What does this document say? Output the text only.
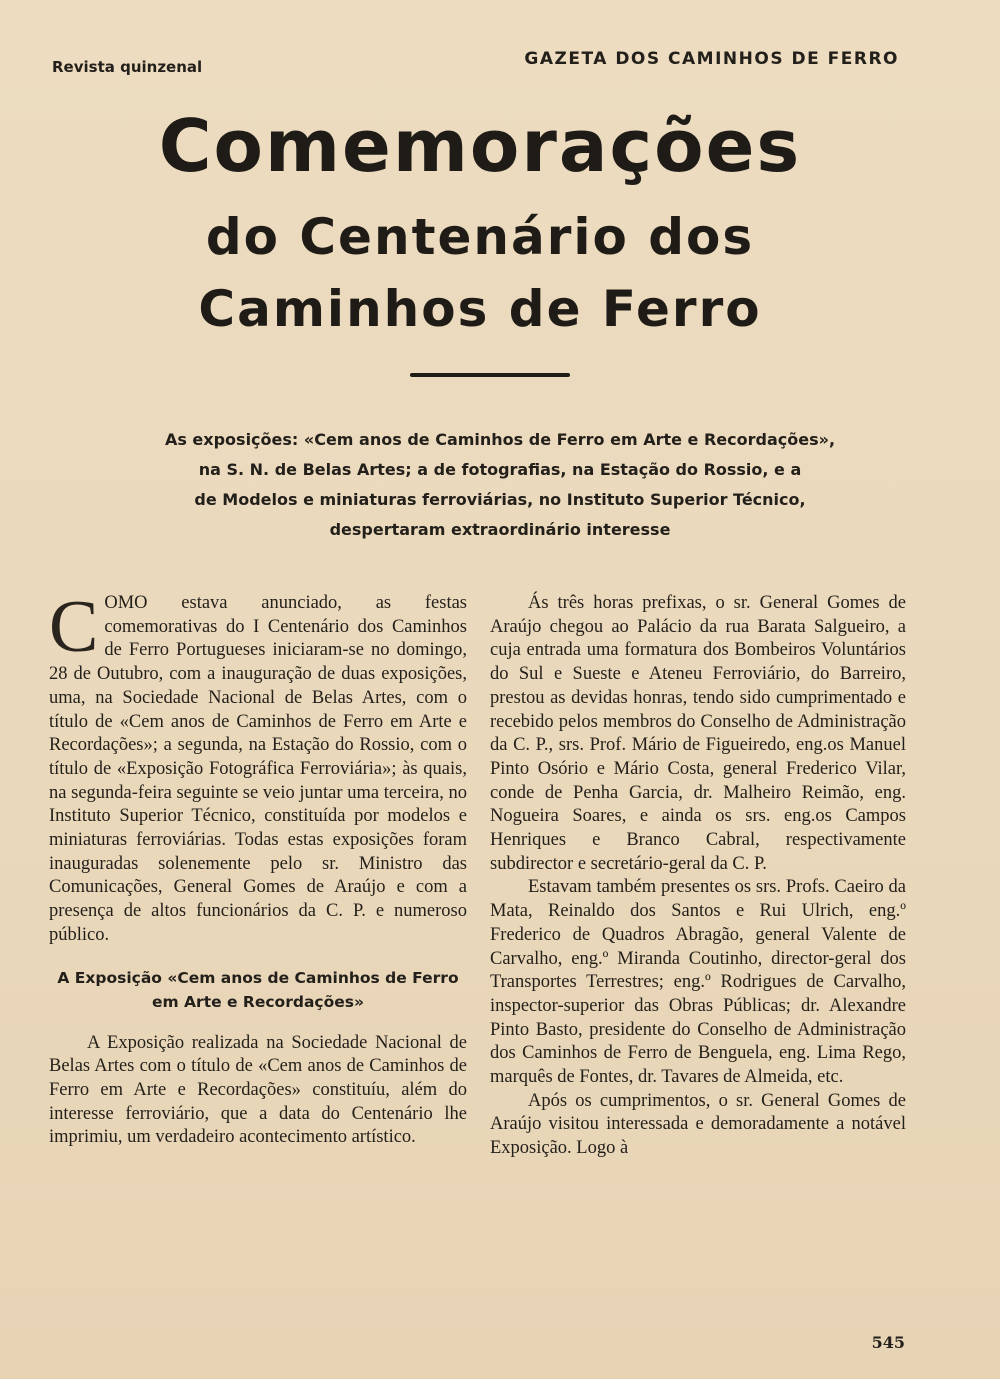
Revista quinzenal	GAZETA DOS CAMINHOS DE FERRO
Comemorações
do Centenário dos
Caminhos de Ferro
As exposições: «Cem anos de Caminhos de Ferro em Arte e Recordações»,
na S. N. de Belas Artes; a de fotografias, na Estação do Rossio, e a
de Modelos e miniaturas ferroviárias, no Instituto Superior Técnico,
despertaram extraordinário interesse
C OMO estava anunciado, as festas comemorativas do I Centenário dos Caminhos de Ferro Portugueses iniciaram-se no domingo, 28 de Outubro, com a inauguração de duas exposições, uma, na Sociedade Nacional de Belas Artes, com o título de «Cem anos de Caminhos de Ferro em Arte e Recordações»; a segunda, na Estação do Rossio, com o título de «Exposição Fotográfica Ferroviária»; às quais, na segunda-feira seguinte se veio juntar uma terceira, no Instituto Superior Técnico, constituída por modelos e miniaturas ferroviárias. Todas estas exposições foram inauguradas solenemente pelo sr. Ministro das Comunicações, General Gomes de Araújo e com a presença de altos funcionários da C. P. e numeroso público.

A Exposição «Cem anos de Caminhos de Ferro em Arte e Recordações»

A Exposição realizada na Sociedade Nacional de Belas Artes com o título de «Cem anos de Caminhos de Ferro em Arte e Recordações» constituíu, além do interesse ferroviário, que a data do Centenário lhe imprimiu, um verdadeiro acontecimento artístico.

Ás três horas prefixas, o sr. General Gomes de Araújo chegou ao Palácio da rua Barata Salgueiro, a cuja entrada uma formatura dos Bombeiros Voluntários do Sul e Sueste e Ateneu Ferroviário, do Barreiro, prestou as devidas honras, tendo sido cumprimentado e recebido pelos membros do Conselho de Administração da C. P., srs. Prof. Mário de Figueiredo, eng.os Manuel Pinto Osório e Mário Costa, general Frederico Vilar, conde de Penha Garcia, dr. Malheiro Reimão, eng. Nogueira Soares, e ainda os srs. eng.os Campos Henriques e Branco Cabral, respectivamente subdirector e secretário-geral da C. P.

Estavam também presentes os srs. Profs. Caeiro da Mata, Reinaldo dos Santos e Rui Ulrich, eng.º Frederico de Quadros Abragão, general Valente de Carvalho, eng.º Miranda Coutinho, director-geral dos Transportes Terrestres; eng.º Rodrigues de Carvalho, inspector-superior das Obras Públicas; dr. Alexandre Pinto Basto, presidente do Conselho de Administração dos Caminhos de Ferro de Benguela, eng. Lima Rego, marquês de Fontes, dr. Tavares de Almeida, etc.

Após os cumprimentos, o sr. General Gomes de Araújo visitou interessada e demoradamente a notável Exposição. Logo à

545
